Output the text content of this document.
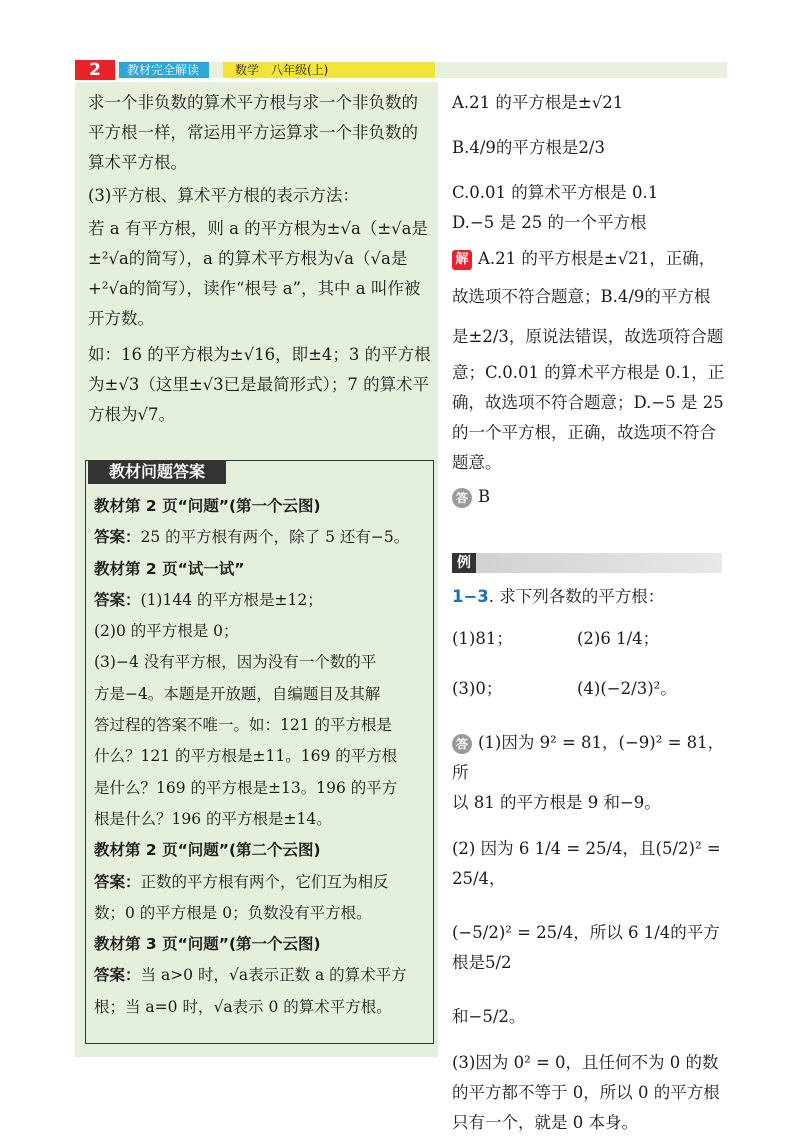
2	教材完全解读	数学　八年级(上)

求一个非负数的算术平方根与求一个非负数的平方根一样，常运用平方运算求一个非负数的算术平方根。

(3)平方根、算术平方根的表示方法：

若 a 有平方根，则 a 的平方根为±√a（±√a是±²√a的简写），a 的算术平方根为√a（√a是+²√a的简写），读作“根号 a”，其中 a 叫作被开方数。

如：16 的平方根为±√16，即±4；3 的平方根为±√3（这里±√3已是最简形式）；7 的算术平方根为√7。

教材问题答案

教材第 2 页“问题”(第一个云图)

答案：25 的平方根有两个，除了 5 还有−5。

教材第 2 页“试一试”

答案：(1)144 的平方根是±12；

(2)0 的平方根是 0；

(3)−4 没有平方根，因为没有一个数的平

方是−4。本题是开放题，自编题目及其解

答过程的答案不唯一。如：121 的平方根是

什么？121 的平方根是±11。169 的平方根

是什么？169 的平方根是±13。196 的平方

根是什么？196 的平方根是±14。

教材第 2 页“问题”(第二个云图)

答案：正数的平方根有两个，它们互为相反

数；0 的平方根是 0；负数没有平方根。

教材第 3 页“问题”(第一个云图)

答案：当 a>0 时，√a表示正数 a 的算术平方

根；当 a=0 时，√a表示 0 的算术平方根。

A.21 的平方根是±√21

B.4/9的平方根是2/3

C.0.01 的算术平方根是 0.1

D.−5 是 25 的一个平方根

解 A.21 的平方根是±√21，正确，

故选项不符合题意；B.4/9的平方根

是±2/3，原说法错误，故选项符合题

意；C.0.01 的算术平方根是 0.1，正

确，故选项不符合题意；D.−5 是 25

的一个平方根，正确，故选项不符合

题意。

答 B

例

1−3. 求下列各数的平方根：

(1)81；	(2)6 1/4；

(3)0；	(4)(−2/3)²。

答 (1)因为 9² = 81，(−9)² = 81，所

以 81 的平方根是 9 和−9。

(2) 因为 6 1/4 = 25/4，且(5/2)² = 25/4，

(−5/2)² = 25/4，所以 6 1/4的平方根是5/2

和−5/2。

(3)因为 0² = 0，且任何不为 0 的数

的平方都不等于 0，所以 0 的平方根

只有一个，就是 0 本身。
